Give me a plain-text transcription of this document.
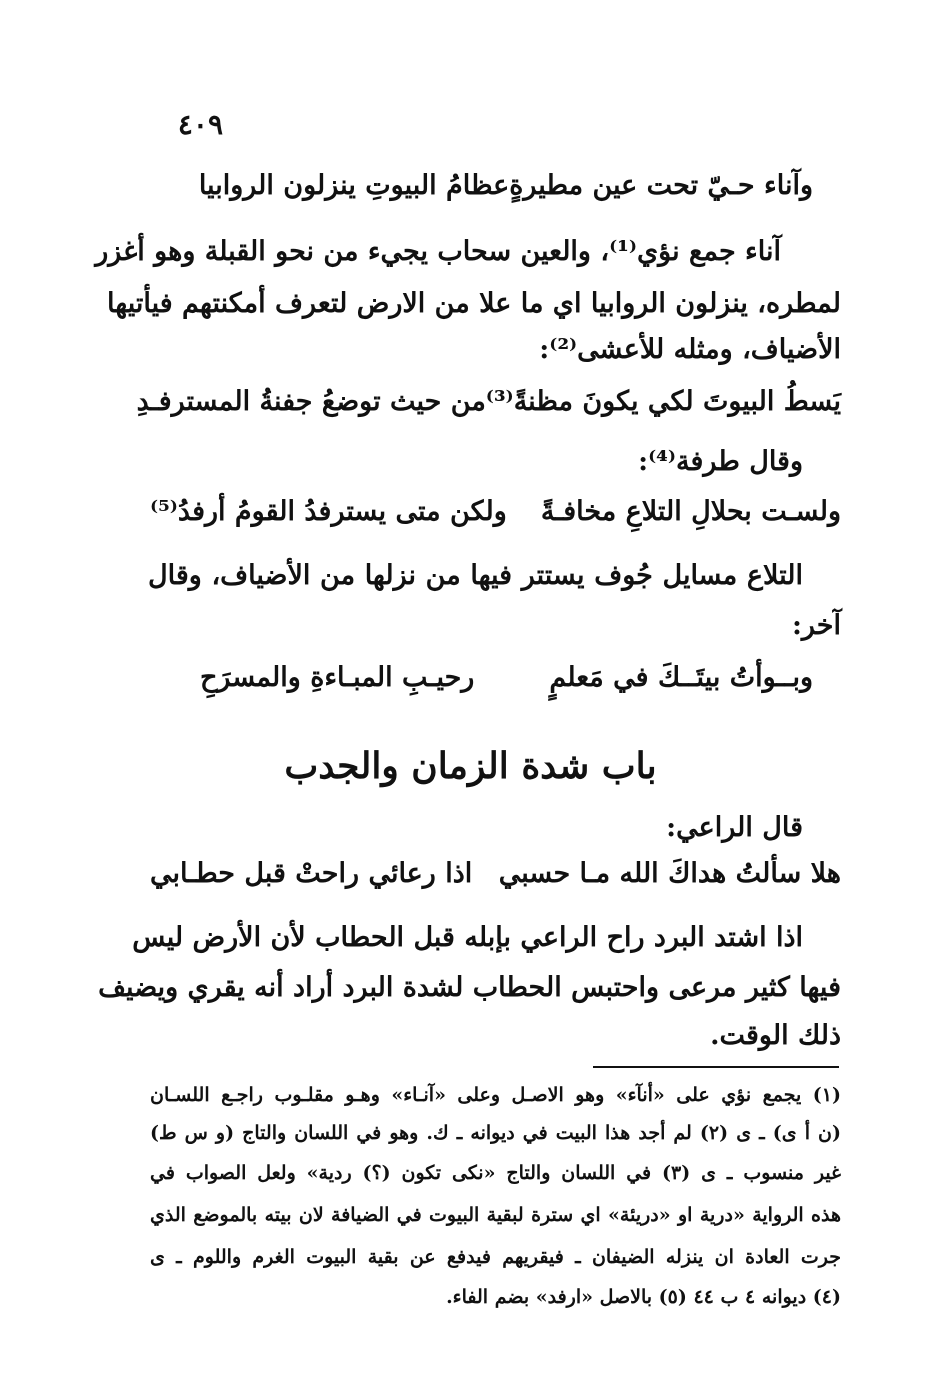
٤٠٩
وآناء حـيّ تحت عين مطيرةٍ
عظامُ البيوتِ ينزلون الروابيا
آناء جمع نؤي⁽¹⁾، والعين سحاب يجيء من نحو القبلة وهو أغزر
لمطره، ينزلون الروابيا اي ما علا من الارض لتعرف أمكنتهم فيأتيها
الأضياف، ومثله للأعشى⁽²⁾:
يَسطُ البيوتَ لكي يكونَ مظنةً⁽³⁾
من حيث توضعُ جفنةُ المسترفـدِ
وقال طرفة⁽⁴⁾:
ولسـت بحلالِ التلاعِ مخافـةً
ولكن متى يسترفدُ القومُ أرفدُ⁽⁵⁾
التلاع مسايل جُوف يستتر فيها من نزلها من الأضياف، وقال
آخر:
وبــوأتُ بيتَــكَ في مَعلمٍ
رحيـبِ المبـاءةِ والمسرَحِ
باب شدة الزمان والجدب
قال الراعي:
هلا سألتُ هداكَ الله مـا حسبي
اذا رعائي راحتْ قبل حطـابي
اذا اشتد البرد راح الراعي بإبله قبل الحطاب لأن الأرض ليس
فيها كثير مرعى واحتبس الحطاب لشدة البرد أراد أنه يقري ويضيف
ذلك الوقت.
(١) يجمع نؤي على «أنآء» وهو الاصـل وعلى «آنـاء» وهـو مقلـوب راجـع اللسـان
(ن أ ى) ـ ى (٢) لم أجد هذا البيت في ديوانه ـ ك. وهو في اللسان والتاج (و س ط)
غير منسوب ـ ى (٣) في اللسان والتاج «نكى تكون (؟) ردية» ولعل الصواب في
هذه الرواية «درية او «دريئة» اي سترة لبقية البيوت في الضيافة لان بيته بالموضع الذي
جرت العادة ان ينزله الضيفان ـ فيقريهم فيدفع عن بقية البيوت الغرم واللوم ـ ى
(٤) ديوانه ٤ ب ٤٤ (٥) بالاصل «ارفد» بضم الفاء.
